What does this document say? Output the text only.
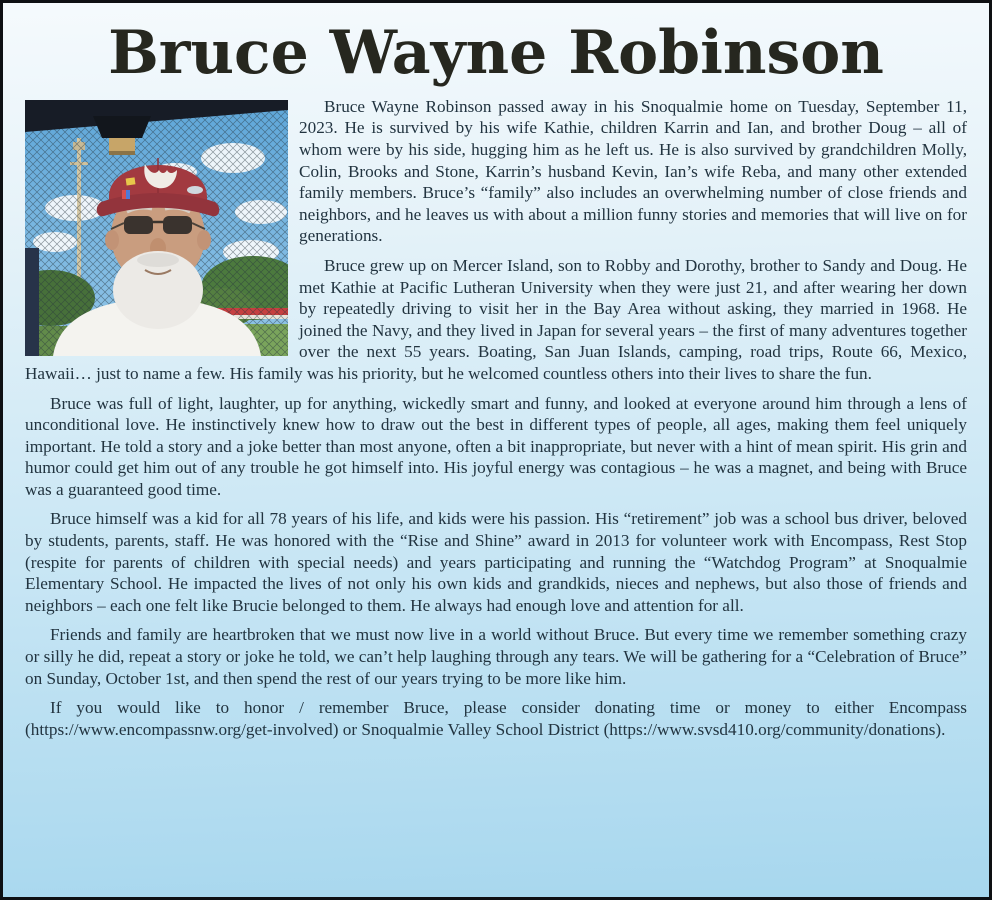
Bruce Wayne Robinson

Bruce Wayne Robinson passed away in his Snoqualmie home on Tuesday, September 11, 2023. He is survived by his wife Kathie, children Karrin and Ian, and brother Doug – all of whom were by his side, hugging him as he left us. He is also survived by grandchildren Molly, Colin, Brooks and Stone, Karrin’s husband Kevin, Ian’s wife Reba, and many other extended family members. Bruce’s “family” also includes an overwhelming number of close friends and neighbors, and he leaves us with about a million funny stories and memories that will live on for generations.

Bruce grew up on Mercer Island, son to Robby and Dorothy, brother to Sandy and Doug. He met Kathie at Pacific Lutheran University when they were just 21, and after wearing her down by repeatedly driving to visit her in the Bay Area without asking, they married in 1968. He joined the Navy, and they lived in Japan for several years – the first of many adventures together over the next 55 years. Boating, San Juan Islands, camping, road trips, Route 66, Mexico, Hawaii… just to name a few. His family was his priority, but he welcomed countless others into their lives to share the fun.

Bruce was full of light, laughter, up for anything, wickedly smart and funny, and looked at everyone around him through a lens of unconditional love. He instinctively knew how to draw out the best in different types of people, all ages, making them feel uniquely important. He told a story and a joke better than most anyone, often a bit inappropriate, but never with a hint of mean spirit. His grin and humor could get him out of any trouble he got himself into. His joyful energy was contagious – he was a magnet, and being with Bruce was a guaranteed good time.

Bruce himself was a kid for all 78 years of his life, and kids were his passion. His “retirement” job was a school bus driver, beloved by students, parents, staff. He was honored with the “Rise and Shine” award in 2013 for volunteer work with Encompass, Rest Stop (respite for parents of children with special needs) and years participating and running the “Watchdog Program” at Snoqualmie Elementary School. He impacted the lives of not only his own kids and grandkids, nieces and nephews, but also those of friends and neighbors – each one felt like Brucie belonged to them. He always had enough love and attention for all.

Friends and family are heartbroken that we must now live in a world without Bruce. But every time we remember something crazy or silly he did, repeat a story or joke he told, we can’t help laughing through any tears. We will be gathering for a “Celebration of Bruce” on Sunday, October 1st, and then spend the rest of our years trying to be more like him.

If you would like to honor / remember Bruce, please consider donating time or money to either Encompass (https://www.encompassnw.org/get-involved) or Snoqualmie Valley School District (https://www.svsd410.org/community/donations).
